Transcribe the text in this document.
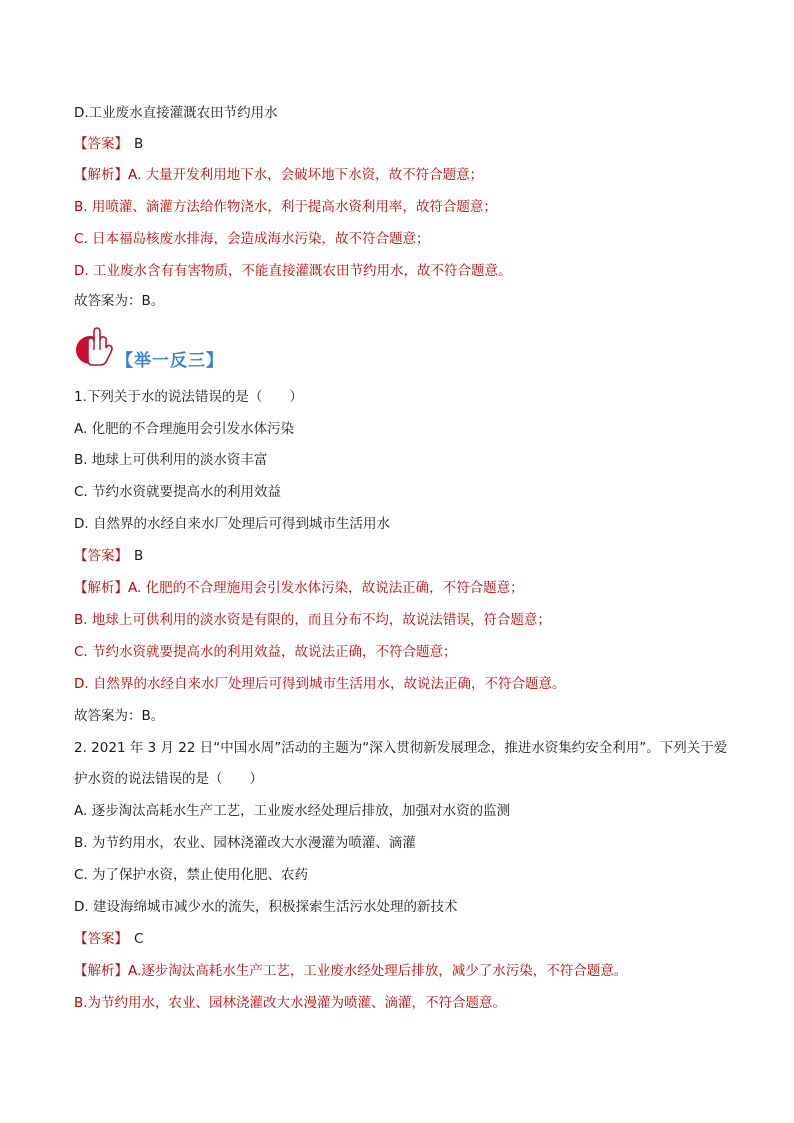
D.工业废水直接灌溉农田节约用水
【答案】 B
【解析】A. 大量开发利用地下水，会破坏地下水资，故不符合题意；
B. 用喷灌、滴灌方法给作物浇水，利于提高水资利用率，故符合题意；
C. 日本福岛核废水排海，会造成海水污染，故不符合题意；
D. 工业废水含有有害物质，不能直接灌溉农田节约用水，故不符合题意。
故答案为：B。
【举一反三】
1.下列关于水的说法错误的是（　　）
A. 化肥的不合理施用会引发水体污染
B. 地球上可供利用的淡水资丰富
C. 节约水资就要提高水的利用效益
D. 自然界的水经自来水厂处理后可得到城市生活用水
【答案】 B
【解析】A. 化肥的不合理施用会引发水体污染，故说法正确，不符合题意；
B. 地球上可供利用的淡水资是有限的，而且分布不均，故说法错误，符合题意；
C. 节约水资就要提高水的利用效益，故说法正确，不符合题意；
D. 自然界的水经自来水厂处理后可得到城市生活用水，故说法正确，不符合题意。
故答案为：B。
2. 2021 年 3 月 22 日“中国水周”活动的主题为“深入贯彻新发展理念，推进水资集约安全利用”。下列关于爱
护水资的说法错误的是（　　）
A. 逐步淘汰高耗水生产工艺，工业废水经处理后排放，加强对水资的监测
B. 为节约用水，农业、园林浇灌改大水漫灌为喷灌、滴灌
C. 为了保护水资，禁止使用化肥、农药
D. 建设海绵城市减少水的流失，积极探索生活污水处理的新技术
【答案】 C
【解析】A.逐步淘汰高耗水生产工艺，工业废水经处理后排放，减少了水污染，不符合题意。
B.为节约用水，农业、园林浇灌改大水漫灌为喷灌、滴灌，不符合题意。
